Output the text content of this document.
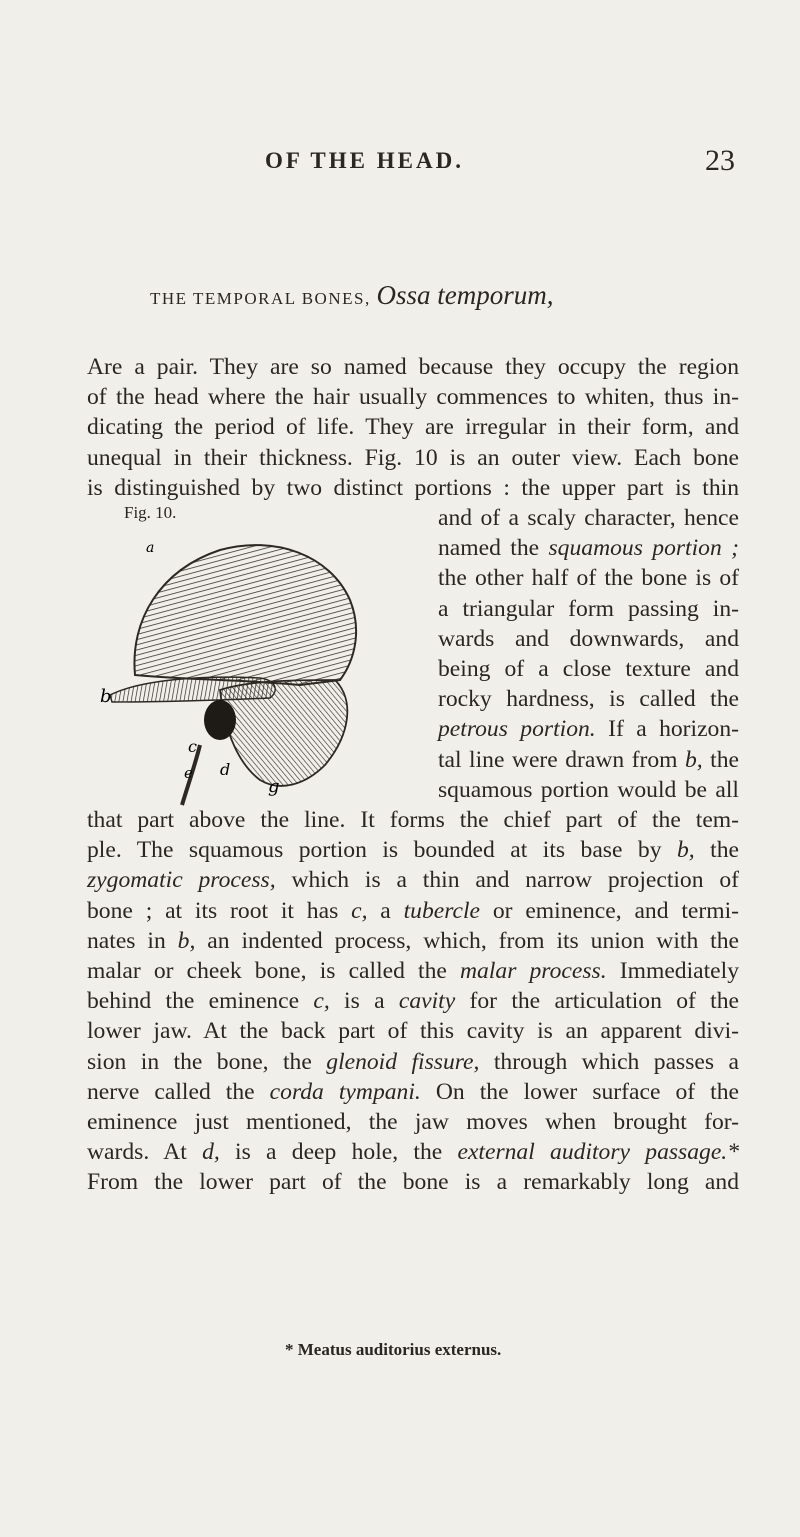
OF THE HEAD.	23
THE TEMPORAL BONES, Ossa temporum,
Are a pair. They are so named because they occupy the region
of the head where the hair usually commences to whiten, thus in-
dicating the period of life. They are irregular in their form, and
unequal in their thickness. Fig. 10 is an outer view. Each bone
is distinguished by two distinct portions : the upper part is thin
Fig. 10.
a
b
c
d
e
g
and of a scaly character, hence
named the squamous portion ;
the other half of the bone is of
a triangular form passing in-
wards and downwards, and
being of a close texture and
rocky hardness, is called the
petrous portion. If a horizon-
tal line were drawn from b, the
squamous portion would be all
that part above the line. It forms the chief part of the tem-
ple. The squamous portion is bounded at its base by b, the
zygomatic process, which is a thin and narrow projection of
bone ; at its root it has c, a tubercle or eminence, and termi-
nates in b, an indented process, which, from its union with the
malar or cheek bone, is called the malar process. Immediately
behind the eminence c, is a cavity for the articulation of the
lower jaw. At the back part of this cavity is an apparent divi-
sion in the bone, the glenoid fissure, through which passes a
nerve called the corda tympani. On the lower surface of the
eminence just mentioned, the jaw moves when brought for-
wards. At d, is a deep hole, the external auditory passage.*
From the lower part of the bone is a remarkably long and
* Meatus auditorius externus.
